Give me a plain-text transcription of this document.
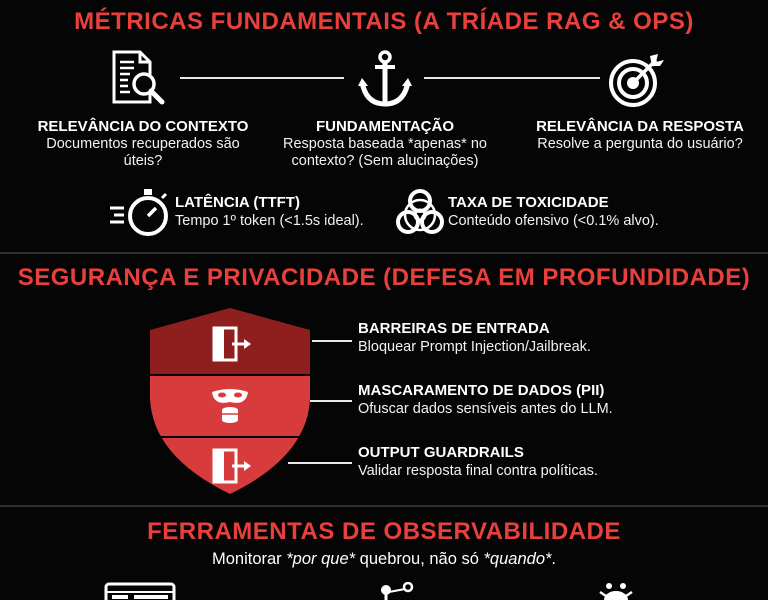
MÉTRICAS FUNDAMENTAIS (A TRÍADE RAG & OPS)
RELEVÂNCIA DO CONTEXTO
Documentos recuperados são
úteis?
FUNDAMENTAÇÃO
Resposta baseada *apenas* no
contexto? (Sem alucinações)
RELEVÂNCIA DA RESPOSTA
Resolve a pergunta do usuário?
LATÊNCIA (TTFT)
Tempo 1º token (<1.5s ideal).
TAXA DE TOXICIDADE
Conteúdo ofensivo (<0.1% alvo).
SEGURANÇA E PRIVACIDADE (DEFESA EM PROFUNDIDADE)
BARREIRAS DE ENTRADA
Bloquear Prompt Injection/Jailbreak.
MASCARAMENTO DE DADOS (PII)
Ofuscar dados sensíveis antes do LLM.
OUTPUT GUARDRAILS
Validar resposta final contra políticas.
FERRAMENTAS DE OBSERVABILIDADE
Monitorar *por que* quebrou, não só *quando*.
